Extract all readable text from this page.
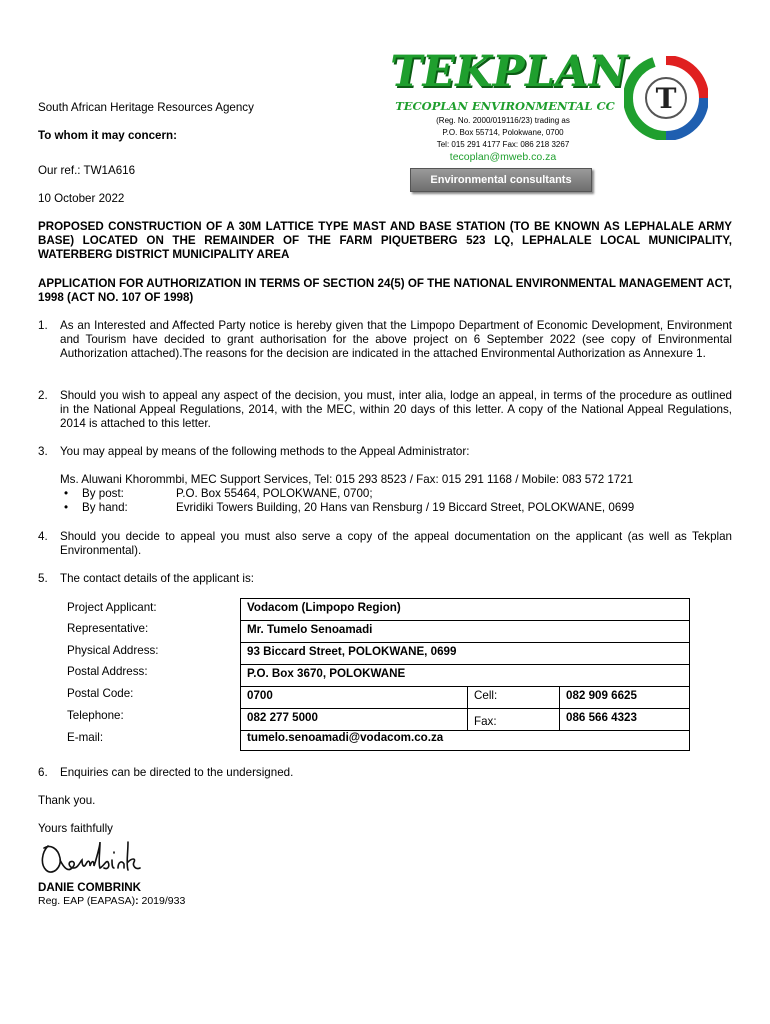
TEKPLAN
TECOPLAN ENVIRONMENTAL CC
(Reg. No. 2000/019116/23) trading as
P.O. Box 55714, Polokwane, 0700
Tel: 015 291 4177 Fax: 086 218 3267
tecoplan@mweb.co.za
Environmental consultants
T
South African Heritage Resources Agency
To whom it may concern:
Our ref.: TW1A616
10 October 2022
PROPOSED CONSTRUCTION OF A 30M LATTICE TYPE MAST AND BASE STATION (TO BE KNOWN AS LEPHALALE ARMY BASE) LOCATED ON THE REMAINDER OF THE FARM PIQUETBERG 523 LQ, LEPHALALE LOCAL MUNICIPALITY, WATERBERG DISTRICT MUNICIPALITY AREA
APPLICATION FOR AUTHORIZATION IN TERMS OF SECTION 24(5) OF THE NATIONAL ENVIRONMENTAL MANAGEMENT ACT, 1998 (ACT NO. 107 OF 1998)
1. As an Interested and Affected Party notice is hereby given that the Limpopo Department of Economic Development, Environment and Tourism have decided to grant authorisation for the above project on 6 September 2022 (see copy of Environmental Authorization attached).The reasons for the decision are indicated in the attached Environmental Authorization as Annexure 1.
2. Should you wish to appeal any aspect of the decision, you must, inter alia, lodge an appeal, in terms of the procedure as outlined in the National Appeal Regulations, 2014, with the MEC, within 20 days of this letter. A copy of the National Appeal Regulations, 2014 is attached to this letter.
3. You may appeal by means of the following methods to the Appeal Administrator:
Ms. Aluwani Khorommbi, MEC Support Services, Tel: 015 293 8523 / Fax: 015 291 1168 / Mobile: 083 572 1721
• By post:	P.O. Box 55464, POLOKWANE, 0700;
• By hand:	Evridiki Towers Building, 20 Hans van Rensburg / 19 Biccard Street, POLOKWANE, 0699
4. Should you decide to appeal you must also serve a copy of the appeal documentation on the applicant (as well as Tekplan Environmental).
5. The contact details of the applicant is:
Project Applicant:	Vodacom (Limpopo Region)
Representative:	Mr. Tumelo Senoamadi
Physical Address:	93 Biccard Street, POLOKWANE, 0699
Postal Address:	P.O. Box 3670, POLOKWANE
Postal Code:	0700	Cell:	082 909 6625
Telephone:	082 277 5000	Fax:	086 566 4323
E-mail:	tumelo.senoamadi@vodacom.co.za
6. Enquiries can be directed to the undersigned.
Thank you.
Yours faithfully
DANIE COMBRINK
Reg. EAP (EAPASA): 2019/933
